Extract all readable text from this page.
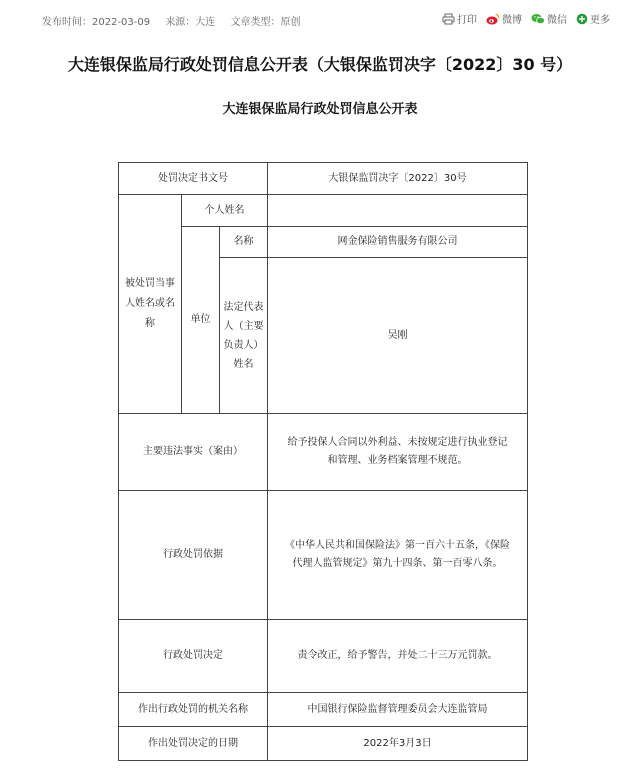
发布时间：2022-03-09 来源：大连 文章类型：原创	打印	微博	微信 更多
大连银保监局行政处罚信息公开表（大银保监罚决字〔2022〕30 号）
大连银保监局行政处罚信息公开表
处罚决定书文号			大银保监罚决字〔2022〕30号
被处罚当事人姓名或名称	个人姓名		
	单位	名称	网金保险销售服务有限公司
		法定代表人（主要负责人）姓名	吴刚
主要违法事实（案由）			给予投保人合同以外利益、未按规定进行执业登记和管理、业务档案管理不规范。
行政处罚依据			《中华人民共和国保险法》第一百六十五条，《保险代理人监管规定》第九十四条、第一百零八条。
行政处罚决定			责令改正，给予警告，并处二十三万元罚款。
作出行政处罚的机关名称			中国银行保险监督管理委员会大连监管局
作出处罚决定的日期			2022年3月3日
